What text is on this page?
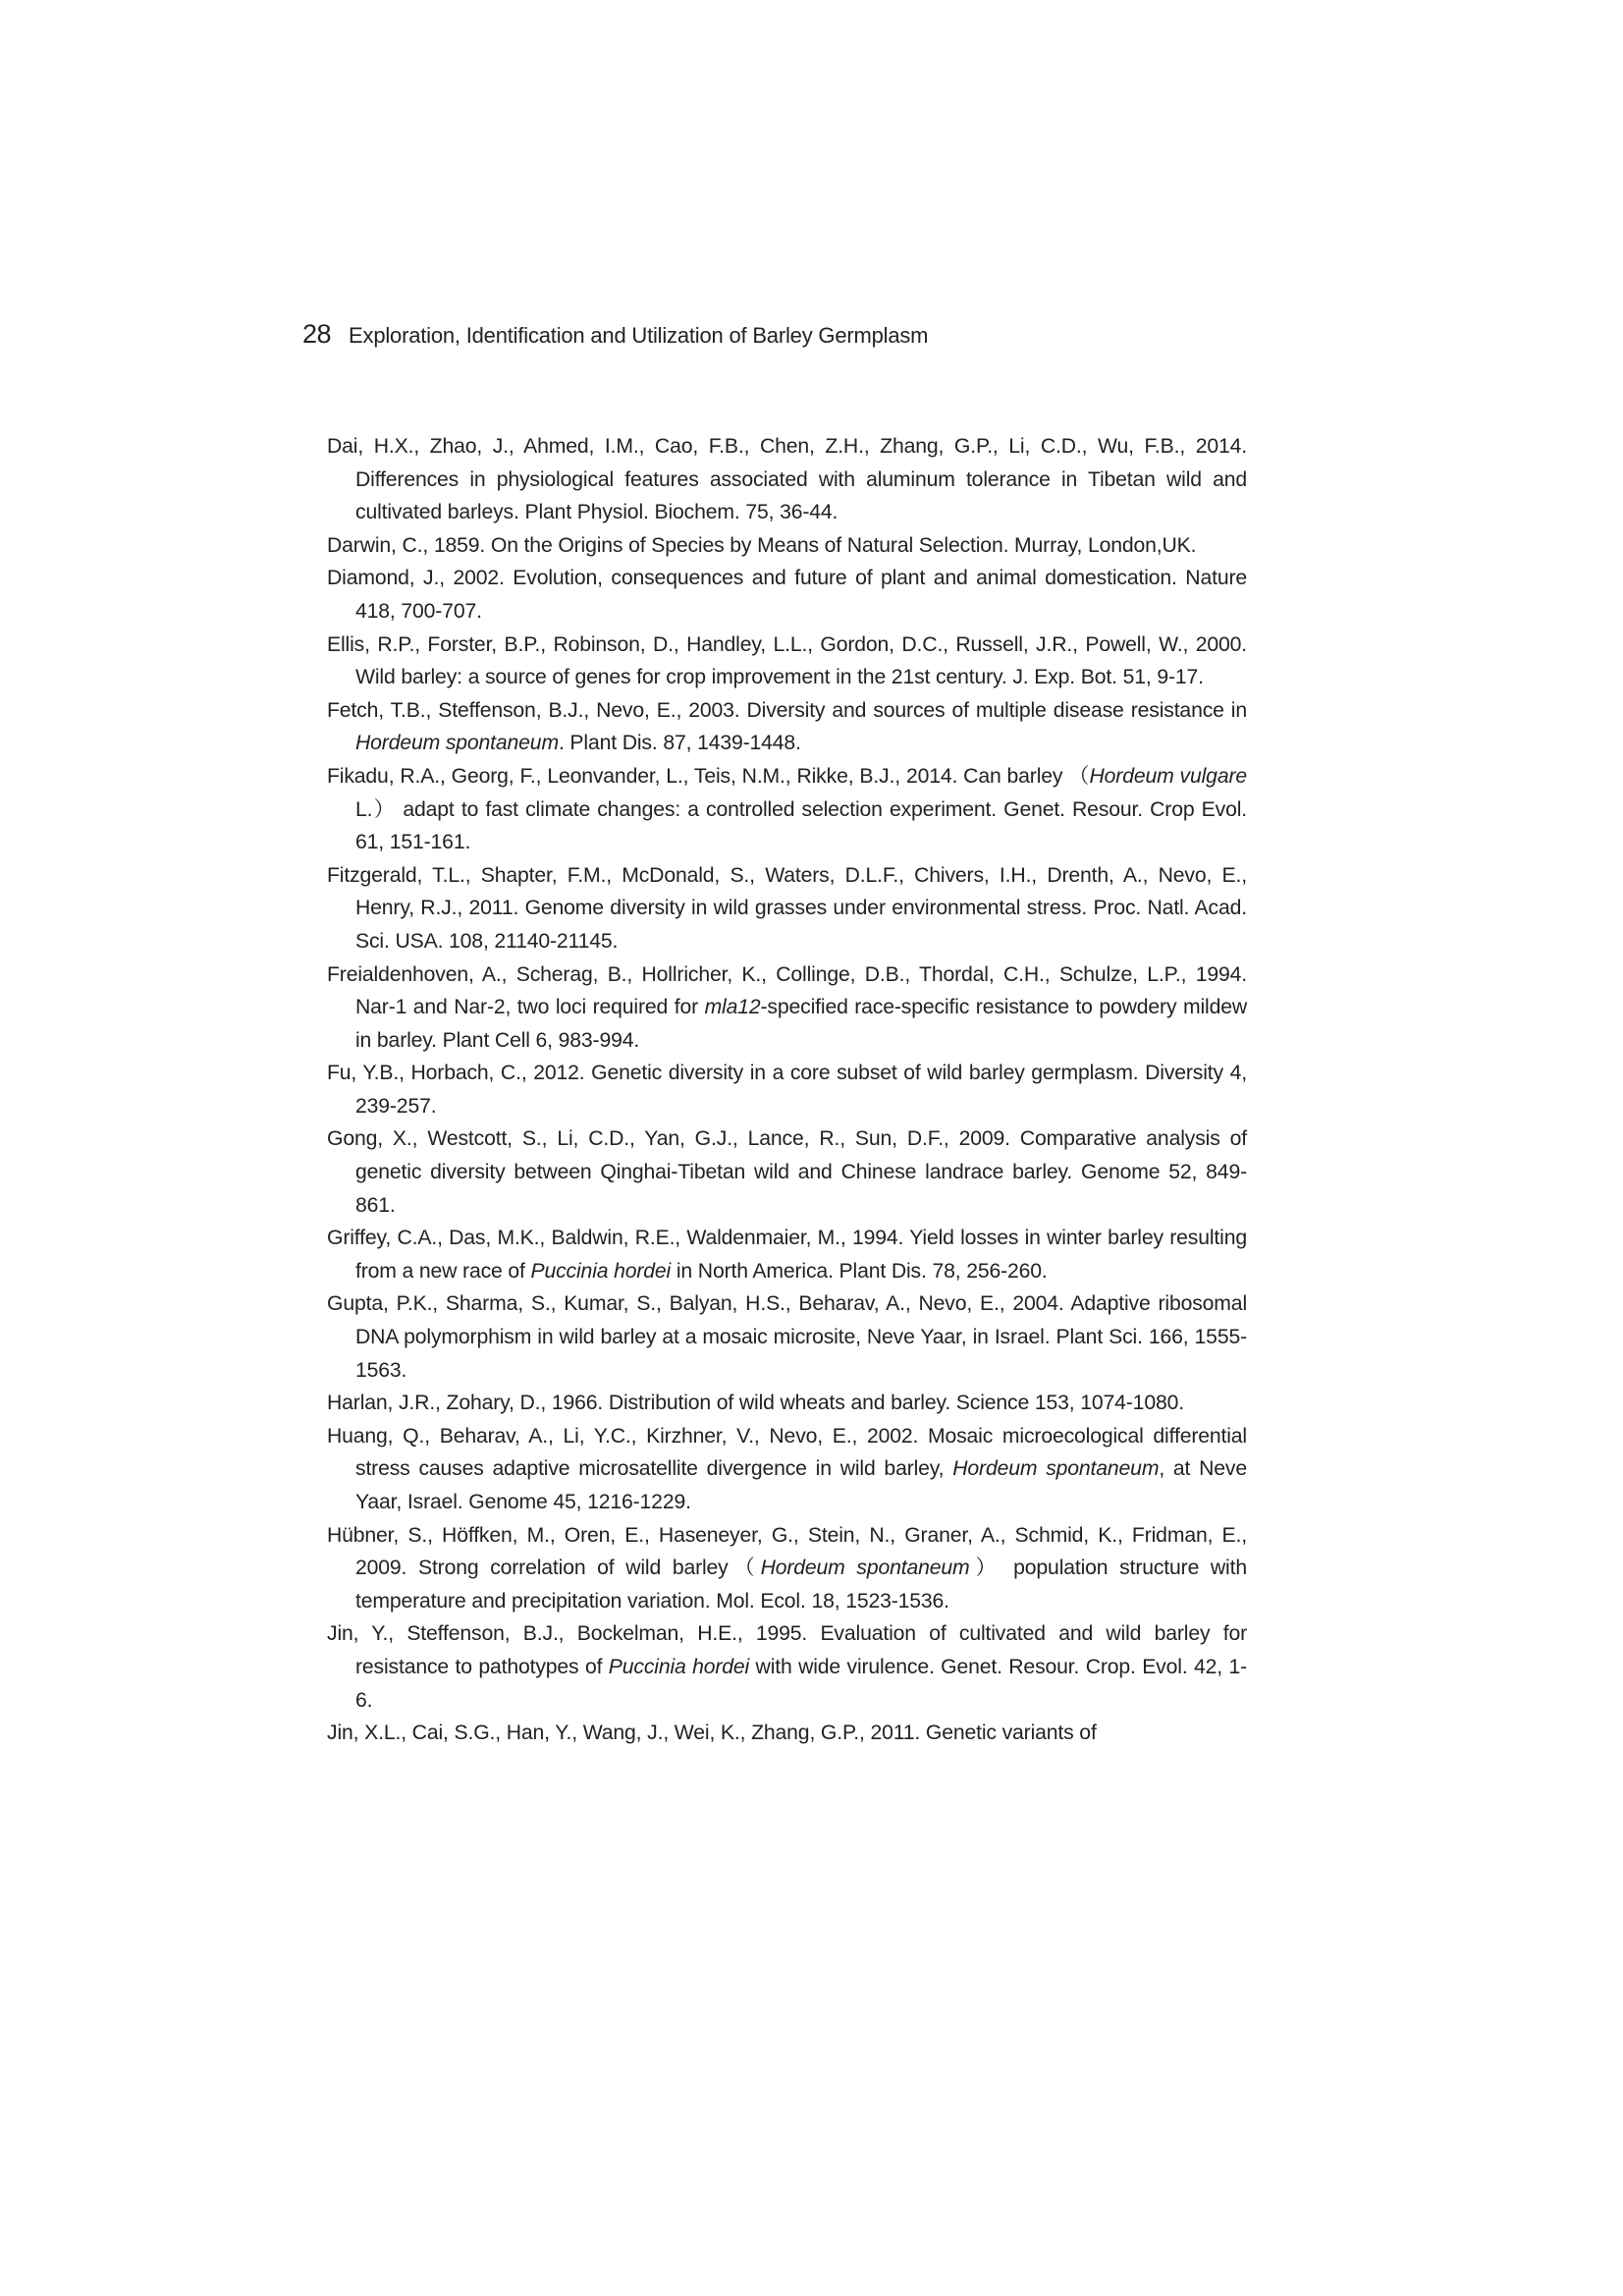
28 Exploration, Identification and Utilization of Barley Germplasm

Dai, H.X., Zhao, J., Ahmed, I.M., Cao, F.B., Chen, Z.H., Zhang, G.P., Li, C.D., Wu, F.B., 2014. Differences in physiological features associated with aluminum tolerance in Tibetan wild and cultivated barleys. Plant Physiol. Biochem. 75, 36-44.

Darwin, C., 1859. On the Origins of Species by Means of Natural Selection. Murray, London,UK.

Diamond, J., 2002. Evolution, consequences and future of plant and animal domestication. Nature 418, 700-707.

Ellis, R.P., Forster, B.P., Robinson, D., Handley, L.L., Gordon, D.C., Russell, J.R., Powell, W., 2000. Wild barley: a source of genes for crop improvement in the 21st century. J. Exp. Bot. 51, 9-17.

Fetch, T.B., Steffenson, B.J., Nevo, E., 2003. Diversity and sources of multiple disease resistance in Hordeum spontaneum. Plant Dis. 87, 1439-1448.

Fikadu, R.A., Georg, F., Leonvander, L., Teis, N.M., Rikke, B.J., 2014. Can barley （Hordeum vulgare L.） adapt to fast climate changes: a controlled selection experiment. Genet. Resour. Crop Evol. 61, 151-161.

Fitzgerald, T.L., Shapter, F.M., McDonald, S., Waters, D.L.F., Chivers, I.H., Drenth, A., Nevo, E., Henry, R.J., 2011. Genome diversity in wild grasses under environmental stress. Proc. Natl. Acad. Sci. USA. 108, 21140-21145.

Freialdenhoven, A., Scherag, B., Hollricher, K., Collinge, D.B., Thordal, C.H., Schulze, L.P., 1994. Nar-1 and Nar-2, two loci required for mla12-specified race-specific resistance to powdery mildew in barley. Plant Cell 6, 983-994.

Fu, Y.B., Horbach, C., 2012. Genetic diversity in a core subset of wild barley germplasm. Diversity 4, 239-257.

Gong, X., Westcott, S., Li, C.D., Yan, G.J., Lance, R., Sun, D.F., 2009. Comparative analysis of genetic diversity between Qinghai-Tibetan wild and Chinese landrace barley. Genome 52, 849-861.

Griffey, C.A., Das, M.K., Baldwin, R.E., Waldenmaier, M., 1994. Yield losses in winter barley resulting from a new race of Puccinia hordei in North America. Plant Dis. 78, 256-260.

Gupta, P.K., Sharma, S., Kumar, S., Balyan, H.S., Beharav, A., Nevo, E., 2004. Adaptive ribosomal DNA polymorphism in wild barley at a mosaic microsite, Neve Yaar, in Israel. Plant Sci. 166, 1555-1563.

Harlan, J.R., Zohary, D., 1966. Distribution of wild wheats and barley. Science 153, 1074-1080.

Huang, Q., Beharav, A., Li, Y.C., Kirzhner, V., Nevo, E., 2002. Mosaic microecological differential stress causes adaptive microsatellite divergence in wild barley, Hordeum spontaneum, at Neve Yaar, Israel. Genome 45, 1216-1229.

Hübner, S., Höffken, M., Oren, E., Haseneyer, G., Stein, N., Graner, A., Schmid, K., Fridman, E., 2009. Strong correlation of wild barley（Hordeum spontaneum） population structure with temperature and precipitation variation. Mol. Ecol. 18, 1523-1536.

Jin, Y., Steffenson, B.J., Bockelman, H.E., 1995. Evaluation of cultivated and wild barley for resistance to pathotypes of Puccinia hordei with wide virulence. Genet. Resour. Crop. Evol. 42, 1-6.

Jin, X.L., Cai, S.G., Han, Y., Wang, J., Wei, K., Zhang, G.P., 2011. Genetic variants of
